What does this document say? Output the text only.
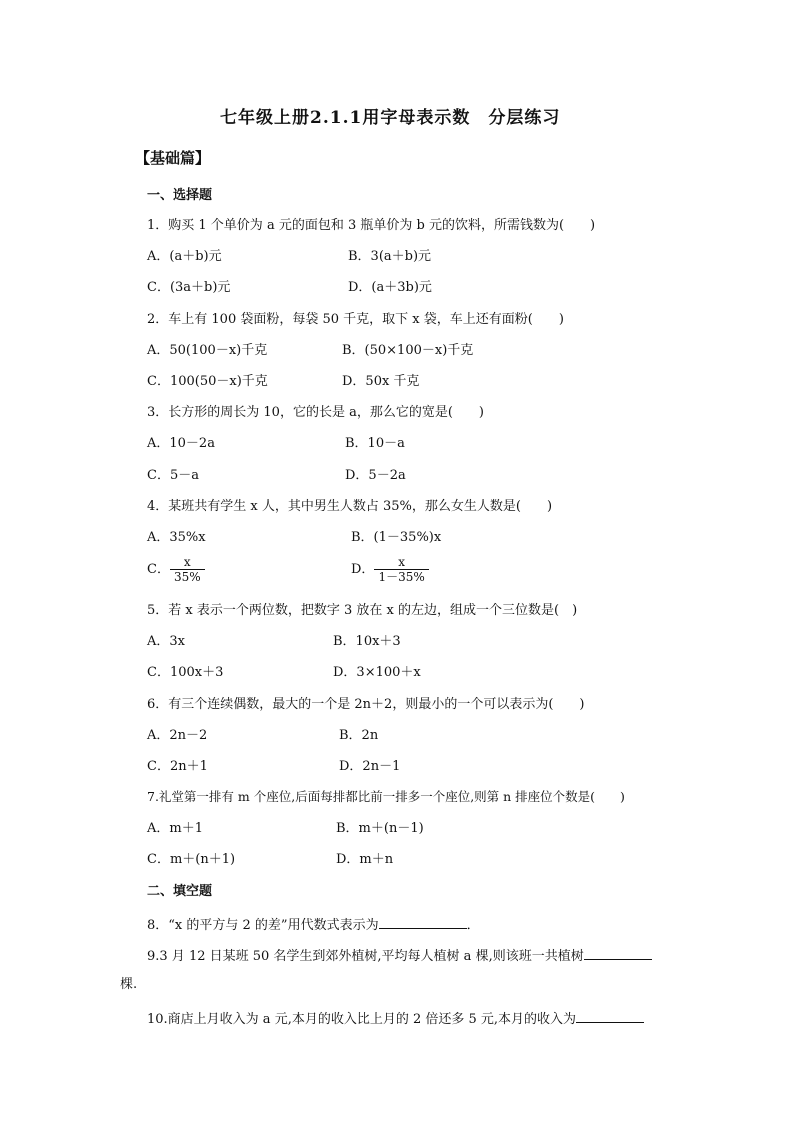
七年级上册2.1.1用字母表示数　分层练习
【基础篇】
一、选择题
1．购买 1 个单价为 a 元的面包和 3 瓶单价为 b 元的饮料，所需钱数为(　　)
A．(a＋b)元	B．3(a＋b)元
C．(3a＋b)元	D．(a＋3b)元
2．车上有 100 袋面粉，每袋 50 千克，取下 x 袋，车上还有面粉(　　)
A．50(100－x)千克	B．(50×100－x)千克
C．100(50－x)千克	D．50x 千克
3．长方形的周长为 10，它的长是 a，那么它的宽是(　　)
A．10－2a	B．10－a
C．5－a	D．5－2a
4．某班共有学生 x 人，其中男生人数占 35%，那么女生人数是(　　)
A．35%x	B．(1－35%)x
C． $\frac{x}{35\%}$	D． $\frac{x}{1-35\%}$
5．若 x 表示一个两位数，把数字 3 放在 x 的左边，组成一个三位数是(　)
A．3x	B．10x＋3
C．100x＋3	D．3×100＋x
6．有三个连续偶数，最大的一个是 2n＋2，则最小的一个可以表示为(　　)
A．2n－2	B．2n
C．2n＋1	D．2n－1
7.礼堂第一排有 m 个座位,后面每排都比前一排多一个座位,则第 n 排座位个数是(　　)
A．m＋1	B．m＋(n－1)
C．m＋(n＋1)	D．m＋n
二、填空题
8．“x 的平方与 2 的差”用代数式表示为	．
9.3 月 12 日某班 50 名学生到郊外植树,平均每人植树 a 棵,则该班一共植树
棵.
10.商店上月收入为 a 元,本月的收入比上月的 2 倍还多 5 元,本月的收入为
